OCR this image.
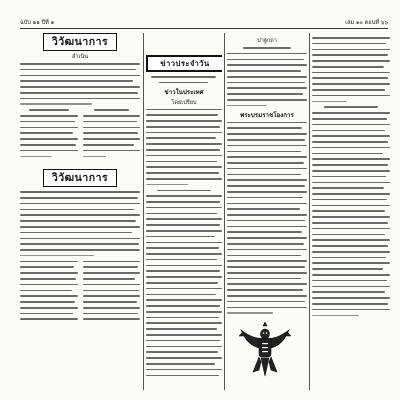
ฉบับ ๑๑ ปีที่ ๑	เล่ม ๑๐ ตอนที่ ๖๖
วิวัฒนาการ
ลำเนิน
วิวัฒนาการ
ข่าวประจำวัน
ข่าวในประเทศ
โดยเปรียบ
ปาฐกถา
พระบรมราชโองการ
